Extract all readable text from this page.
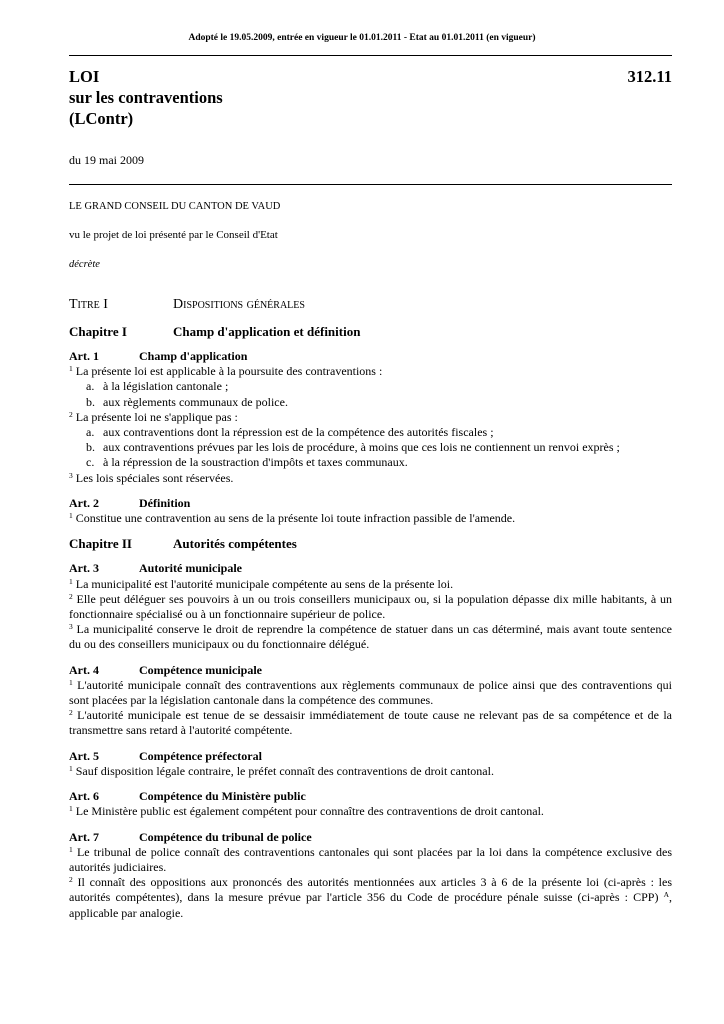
Adopté le 19.05.2009, entrée en vigueur le 01.01.2011 - Etat au 01.01.2011 (en vigueur)
LOI
sur les contraventions
(LContr)
312.11
du 19 mai 2009
LE GRAND CONSEIL DU CANTON DE VAUD
vu le projet de loi présenté par le Conseil d'Etat
décrète
Titre I	Dispositions générales
Chapitre I	Champ d'application et définition
Art. 1	Champ d'application
$^1$ La présente loi est applicable à la poursuite des contraventions :
a. à la législation cantonale ;
b. aux règlements communaux de police.
$^2$ La présente loi ne s'applique pas :
a. aux contraventions dont la répression est de la compétence des autorités fiscales ;
b. aux contraventions prévues par les lois de procédure, à moins que ces lois ne contiennent un renvoi exprès ;
c. à la répression de la soustraction d'impôts et taxes communaux.
$^3$ Les lois spéciales sont réservées.
Art. 2	Définition
$^1$ Constitue une contravention au sens de la présente loi toute infraction passible de l'amende.
Chapitre II	Autorités compétentes
Art. 3	Autorité municipale
$^1$ La municipalité est l'autorité municipale compétente au sens de la présente loi.
$^2$ Elle peut déléguer ses pouvoirs à un ou trois conseillers municipaux ou, si la population dépasse dix mille habitants, à un fonctionnaire spécialisé ou à un fonctionnaire supérieur de police.
$^3$ La municipalité conserve le droit de reprendre la compétence de statuer dans un cas déterminé, mais avant toute sentence du ou des conseillers municipaux ou du fonctionnaire délégué.
Art. 4	Compétence municipale
$^1$ L'autorité municipale connaît des contraventions aux règlements communaux de police ainsi que des contraventions qui sont placées par la législation cantonale dans la compétence des communes.
$^2$ L'autorité municipale est tenue de se dessaisir immédiatement de toute cause ne relevant pas de sa compétence et de la transmettre sans retard à l'autorité compétente.
Art. 5	Compétence préfectoral
$^1$ Sauf disposition légale contraire, le préfet connaît des contraventions de droit cantonal.
Art. 6	Compétence du Ministère public
$^1$ Le Ministère public est également compétent pour connaître des contraventions de droit cantonal.
Art. 7	Compétence du tribunal de police
$^1$ Le tribunal de police connaît des contraventions cantonales qui sont placées par la loi dans la compétence exclusive des autorités judiciaires.
$^2$ Il connaît des oppositions aux prononcés des autorités mentionnées aux articles 3 à 6 de la présente loi (ci-après : les autorités compétentes), dans la mesure prévue par l'article 356 du Code de procédure pénale suisse (ci-après : CPP) $^A$, applicable par analogie.
